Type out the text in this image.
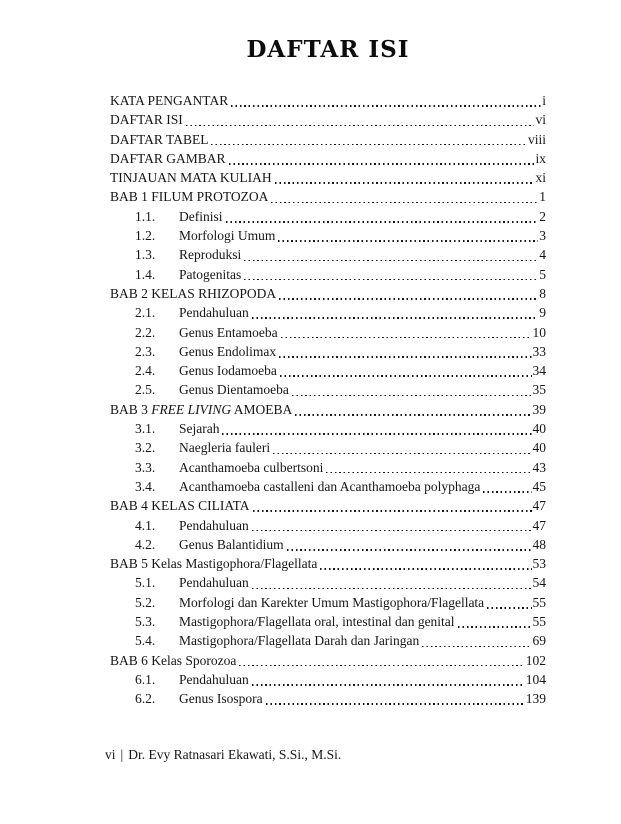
DAFTAR ISI
KATA PENGANTAR	i
DAFTAR ISI	vi
DAFTAR TABEL	viii
DAFTAR GAMBAR	ix
TINJAUAN MATA KULIAH	xi
BAB 1 FILUM PROTOZOA	1
1.1.	Definisi	2
1.2.	Morfologi Umum	3
1.3.	Reproduksi	4
1.4.	Patogenitas	5
BAB 2 KELAS RHIZOPODA	8
2.1.	Pendahuluan	9
2.2.	Genus Entamoeba	10
2.3.	Genus Endolimax	33
2.4.	Genus Iodamoeba	34
2.5.	Genus Dientamoeba	35
BAB 3 FREE LIVING AMOEBA	39
3.1.	Sejarah	40
3.2.	Naegleria fauleri	40
3.3.	Acanthamoeba culbertsoni	43
3.4.	Acanthamoeba castalleni dan Acanthamoeba polyphaga	45
BAB 4 KELAS CILIATA	47
4.1.	Pendahuluan	47
4.2.	Genus Balantidium	48
BAB 5 Kelas Mastigophora/Flagellata	53
5.1.	Pendahuluan	54
5.2.	Morfologi dan Karekter Umum Mastigophora/Flagellata	55
5.3.	Mastigophora/Flagellata oral, intestinal dan genital	55
5.4.	Mastigophora/Flagellata Darah dan Jaringan	69
BAB 6 Kelas Sporozoa	102
6.1.	Pendahuluan	104
6.2.	Genus Isospora	139
vi | Dr. Evy Ratnasari Ekawati, S.Si., M.Si.
